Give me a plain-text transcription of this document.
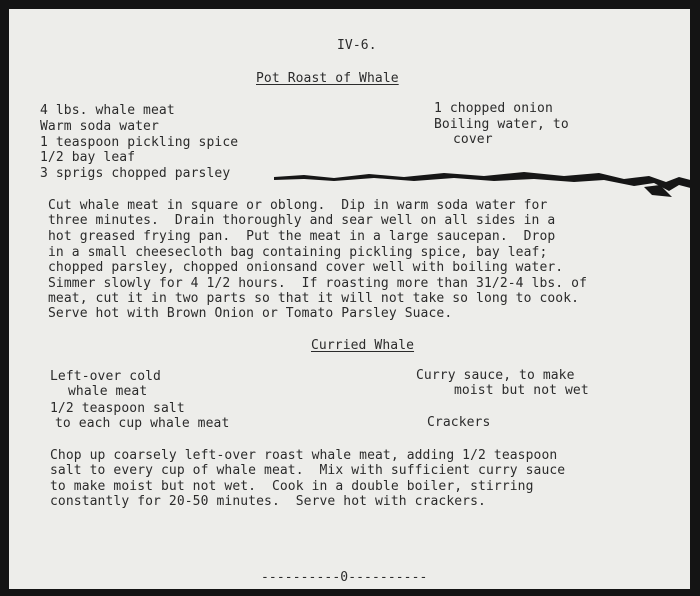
IV-6.
Pot Roast of Whale
4 lbs. whale meat
Warm soda water
1 teaspoon pickling spice
1/2 bay leaf
3 sprigs chopped parsley
1 chopped onion
Boiling water, to
cover
Cut whale meat in square or oblong.  Dip in warm soda water for
three minutes.  Drain thoroughly and sear well on all sides in a
hot greased frying pan.  Put the meat in a large saucepan.  Drop
in a small cheesecloth bag containing pickling spice, bay leaf;
chopped parsley, chopped onionsand cover well with boiling water.
Simmer slowly for 4 1/2 hours.  If roasting more than 31/2-4 lbs. of
meat, cut it in two parts so that it will not take so long to cook.
Serve hot with Brown Onion or Tomato Parsley Suace.
Curried Whale
Left-over cold
whale meat
1/2 teaspoon salt
to each cup whale meat
Curry sauce, to make
moist but not wet
Crackers
Chop up coarsely left-over roast whale meat, adding 1/2 teaspoon
salt to every cup of whale meat.  Mix with sufficient curry sauce
to make moist but not wet.  Cook in a double boiler, stirring
constantly for 20-50 minutes.  Serve hot with crackers.
----------0----------
